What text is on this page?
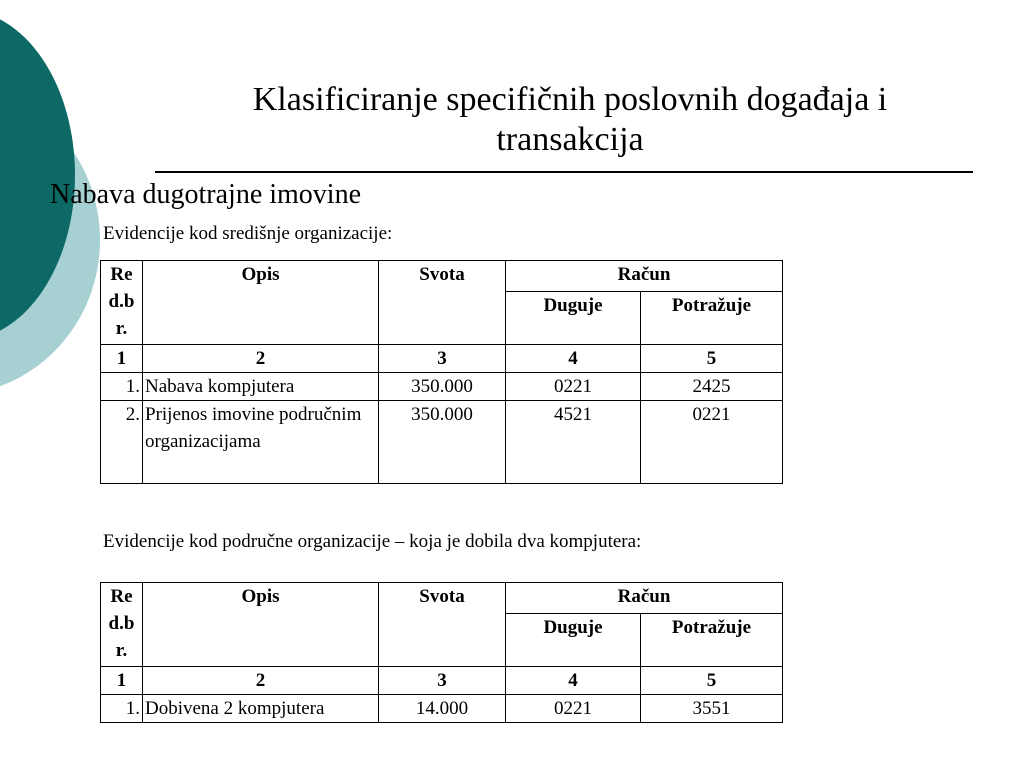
Klasificiranje specifičnih poslovnih događaja i transakcija
Nabava dugotrajne imovine
Evidencije kod središnje organizacije:
Re
d.b
r.	Opis	Svota	Račun	
			Duguje	Potražuje
1	2	3	4	5
1.	Nabava kompjutera	350.000	0221	2425
2.	Prijenos imovine područnim organizacijama	350.000	4521	0221
Evidencije kod područne organizacije – koja je dobila dva kompjutera:
Re
d.b
r.	Opis	Svota	Račun	
			Duguje	Potražuje
1	2	3	4	5
1.	Dobivena 2 kompjutera	14.000	0221	3551
